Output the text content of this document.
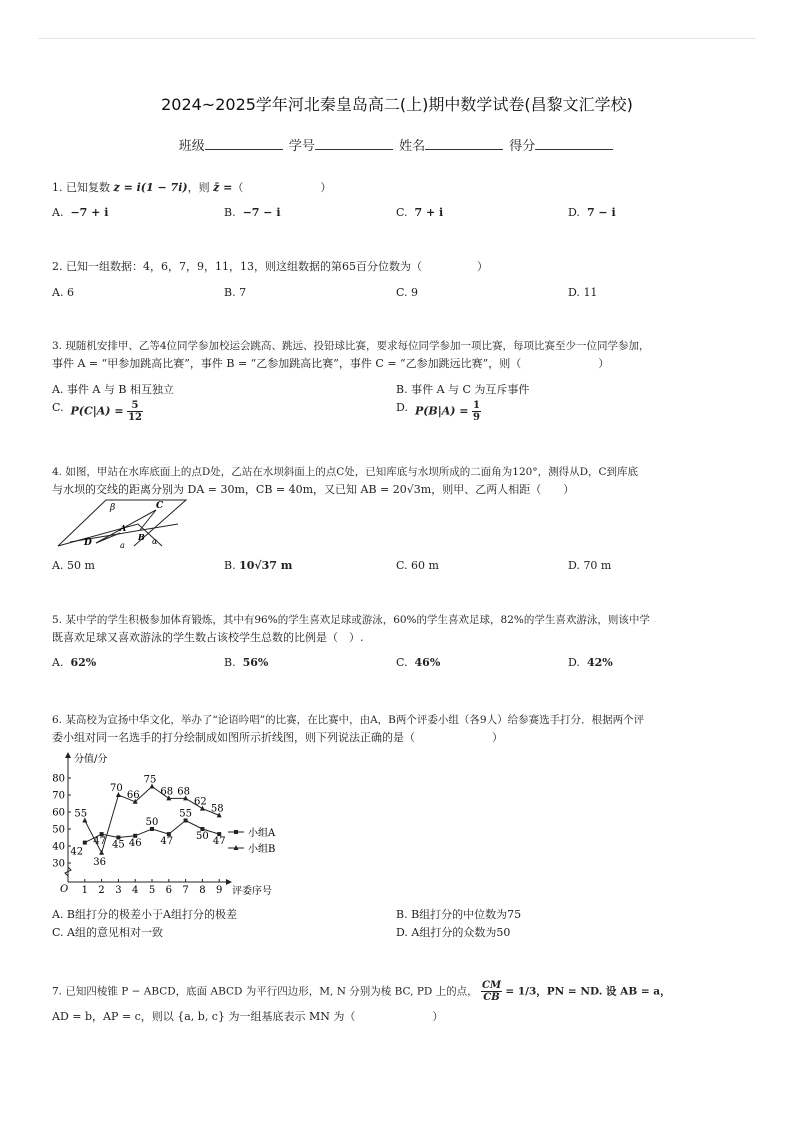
2024~2025学年河北秦皇岛高二(上)期中数学试卷(昌黎文汇学校)
班级	学号	姓名	得分
1. 已知复数 z = i(1 − 7i)，则 z̄ =（　　　　　　　）
A. −7 + i	B. −7 − i	C. 7 + i	D. 7 − i
2. 已知一组数据：4，6，7，9，11，13，则这组数据的第65百分位数为（　　　　　）
A. 6	B. 7	C. 9	D. 11
3. 现随机安排甲、乙等4位同学参加校运会跳高、跳远、投铅球比赛，要求每位同学参加一项比赛，每项比赛至少一位同学参加，
事件 A = “甲参加跳高比赛”，事件 B = “乙参加跳高比赛”，事件 C = “乙参加跳远比赛”，则（　　　　　　　）
A. 事件 A 与 B 相互独立	B. 事件 A 与 C 为互斥事件
C. $P(C|A) = \frac{5}{12}$	D. $P(B|A) = \frac{1}{9}$
4. 如图，甲站在水库底面上的点D处，乙站在水坝斜面上的点C处，已知库底与水坝所成的二面角为120°，测得从D，C到库底
与水坝的交线的距离分别为 DA = 30m，CB = 40m，又已知 AB = 20√3m，则甲、乙两人相距（　　）
β	C
A
D
B
a	α
A. 50 m	B. 10√37 m	C. 60 m	D. 70 m
5. 某中学的学生积极参加体育锻炼，其中有96%的学生喜欢足球或游泳，60%的学生喜欢足球，82%的学生喜欢游泳，则该中学
既喜欢足球又喜欢游泳的学生数占该校学生总数的比例是（　）.
A. 62%	B. 56%	C. 46%	D. 42%
6. 某高校为宣扬中华文化，举办了“论语吟唱”的比赛，在比赛中，由A，B两个评委小组（各9人）给参赛选手打分．根据两个评
委小组对同一名选手的打分绘制成如图所示折线图，则下列说法正确的是（　　　　　　　）
30
40
50
60
70
80
1 2 3 4 5 6 7 8 9
O
分值/分
评委序号
42
47 45 46
50
47
55
50 47
55
36
70
66
75
68 68
62
58
小组A
小组B
A. B组打分的极差小于A组打分的极差	B. B组打分的中位数为75
C. A组的意见相对一致	D. A组打分的众数为50
7. 已知四棱锥 P − ABCD，底面 ABCD 为平行四边形，M, N 分别为棱 BC, PD 上的点， $\frac{CM}{CB} = 1/3$，PN = ND. 设 AB = a，
AD = b，AP = c，则以 {a, b, c} 为一组基底表示 MN 为（　　　　　　　）
